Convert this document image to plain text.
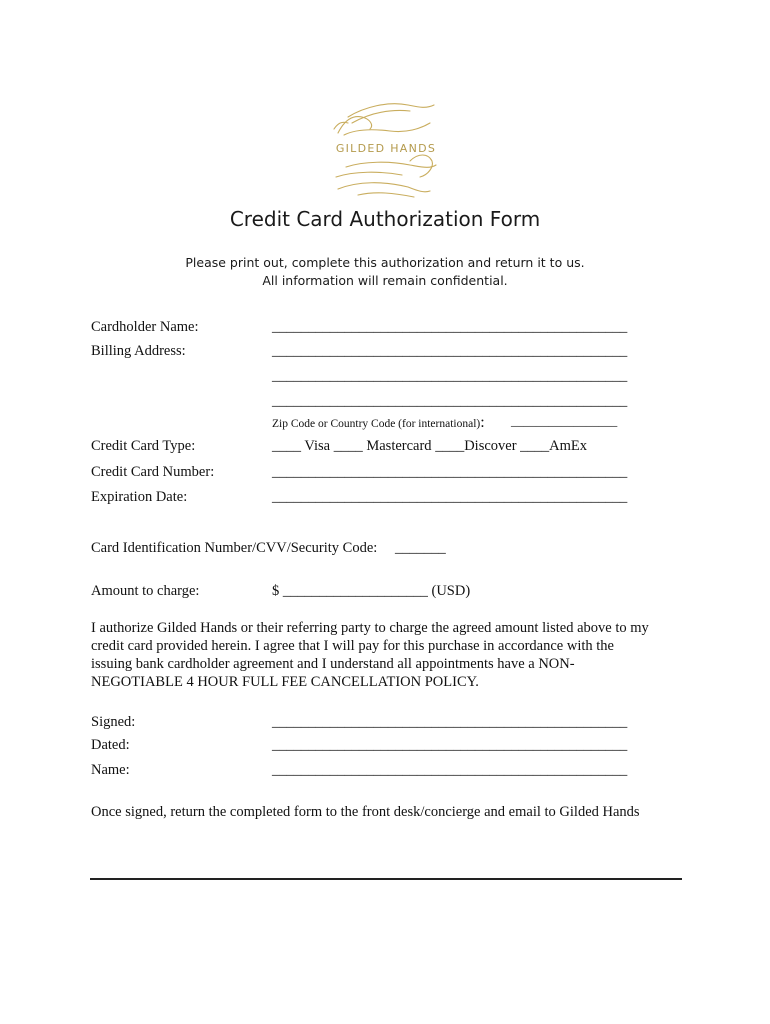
GILDED HANDS
Credit Card Authorization Form
Please print out, complete this authorization and return it to us.
All information will remain confidential.
Cardholder Name:	_________________________________________________
Billing Address:	_________________________________________________
_________________________________________________
_________________________________________________
Zip Code or Country Code (for international): _________________
Credit Card Type:	____ Visa ____ Mastercard ____Discover ____AmEx
Credit Card Number:	_________________________________________________
Expiration Date:	_________________________________________________
Card Identification Number/CVV/Security Code: _______
Amount to charge:	$ ____________________ (USD)
I authorize Gilded Hands or their referring party to charge the agreed amount listed above to my
credit card provided herein. I agree that I will pay for this purchase in accordance with the
issuing bank cardholder agreement and I understand all appointments have a NON-
NEGOTIABLE 4 HOUR FULL FEE CANCELLATION POLICY.
Signed:	_________________________________________________
Dated:	_________________________________________________
Name:	_________________________________________________
Once signed, return the completed form to the front desk/concierge and email to Gilded Hands
